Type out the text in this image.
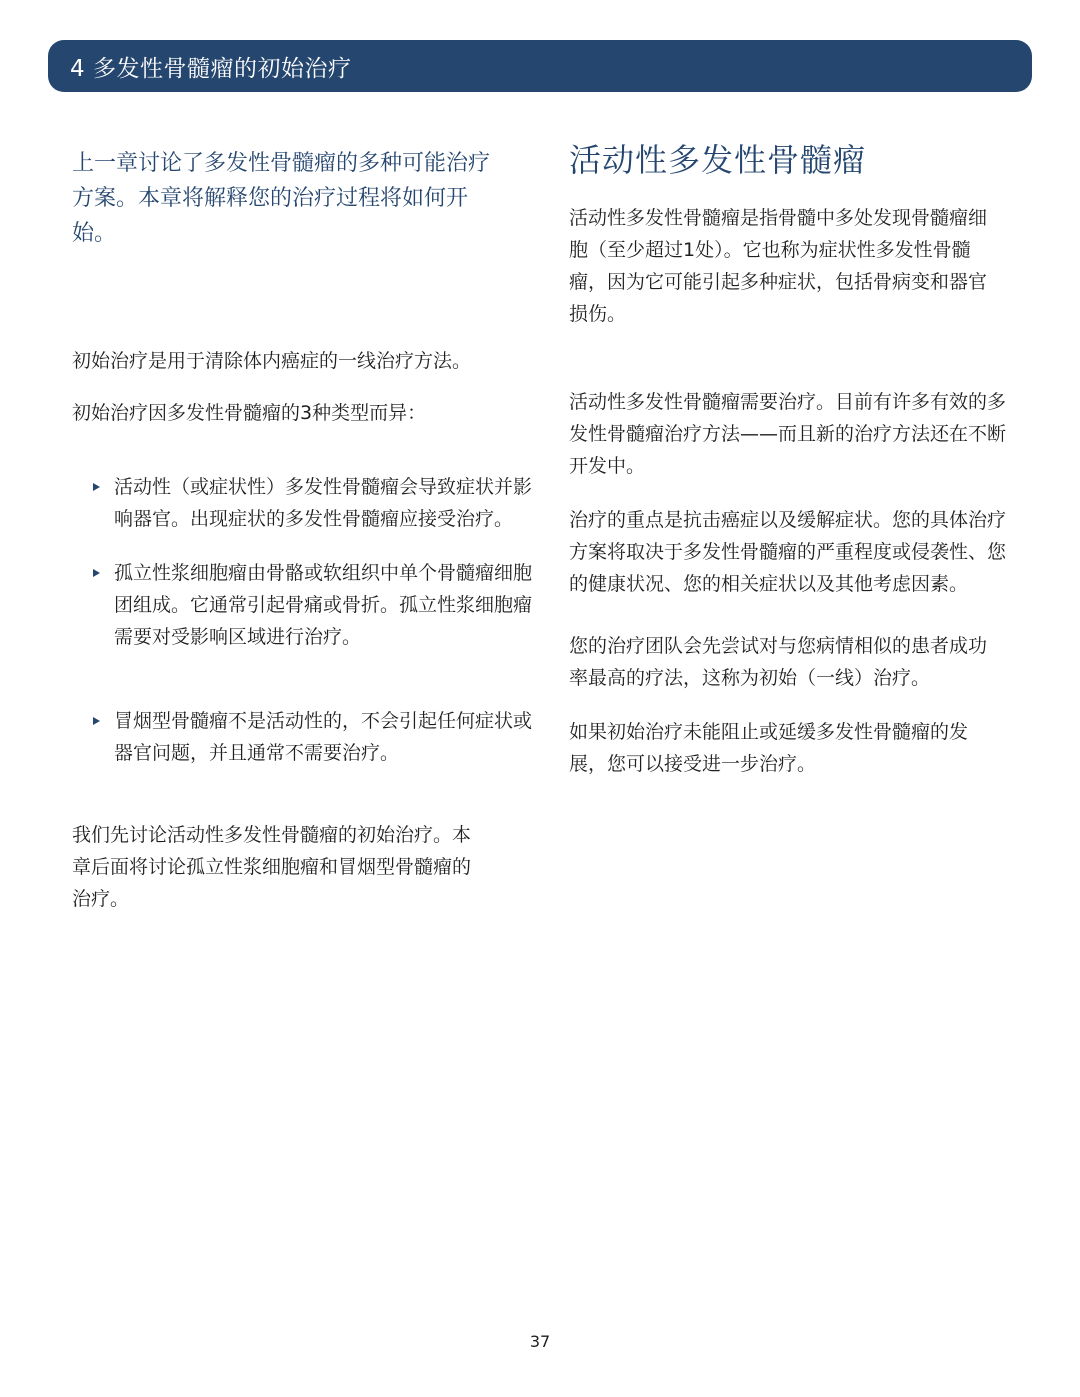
4 多发性骨髓瘤的初始治疗

上一章讨论了多发性骨髓瘤的多种可能治疗方案。本章将解释您的治疗过程将如何开始。

初始治疗是用于清除体内癌症的一线治疗方法。

初始治疗因多发性骨髓瘤的3种类型而异：

活动性（或症状性）多发性骨髓瘤会导致症状并影响器官。出现症状的多发性骨髓瘤应接受治疗。
孤立性浆细胞瘤由骨骼或软组织中单个骨髓瘤细胞团组成。它通常引起骨痛或骨折。孤立性浆细胞瘤需要对受影响区域进行治疗。
冒烟型骨髓瘤不是活动性的，不会引起任何症状或器官问题，并且通常不需要治疗。

我们先讨论活动性多发性骨髓瘤的初始治疗。本章后面将讨论孤立性浆细胞瘤和冒烟型骨髓瘤的治疗。

活动性多发性骨髓瘤

活动性多发性骨髓瘤是指骨髓中多处发现骨髓瘤细胞（至少超过1处）。它也称为症状性多发性骨髓瘤，因为它可能引起多种症状，包括骨病变和器官损伤。

活动性多发性骨髓瘤需要治疗。目前有许多有效的多发性骨髓瘤治疗方法——而且新的治疗方法还在不断开发中。

治疗的重点是抗击癌症以及缓解症状。您的具体治疗方案将取决于多发性骨髓瘤的严重程度或侵袭性、您的健康状况、您的相关症状以及其他考虑因素。

您的治疗团队会先尝试对与您病情相似的患者成功率最高的疗法，这称为初始（一线）治疗。

如果初始治疗未能阻止或延缓多发性骨髓瘤的发展，您可以接受进一步治疗。

37
